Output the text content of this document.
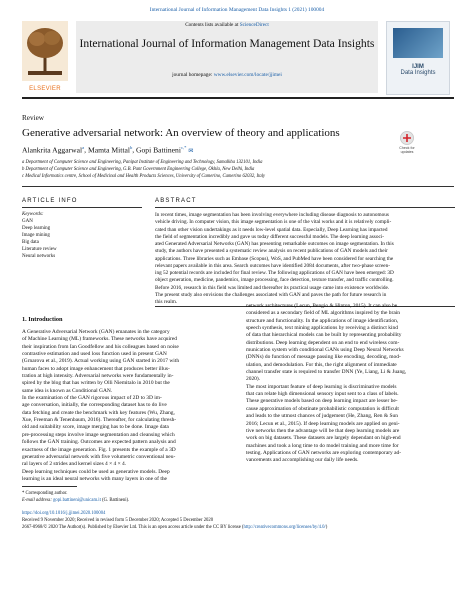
International Journal of Information Management Data Insights 1 (2021) 100004
ELSEVIER
Contents lists available at ScienceDirect
International Journal of Information Management Data Insights
journal homepage: www.elsevier.com/locate/jjimei
IJIM
Data Insights
Review
Generative adversarial network: An overview of theory and applications
Check for updates
Alankrita Aggarwal$^a$, Mamta Mittal$^b$, Gopi Battineni$^{c,*}$ ✉
a Department of Computer Science and Engineering, Panipat Institute of Engineering and Technology, Samalkha 132101, India
b Department of Computer Science and Engineering, G.B. Pant Government Engineering College, Okhla, New Delhi, India
c Medical Informatics centre, School of Medicinal and Health Products Sciences, University of Camerino, Camerino 62032, Italy
ARTICLE INFO	ABSTRACT
Keywords:
GAN
Deep learning
Image mining
Big data
Literature review
Neural networks
In recent times, image segmentation has been involving everywhere including disease diagnosis to autonomous
vehicle driving. In computer vision, this image segmentation is one of the vital works and it is relatively compli-
cated than other vision undertakings as it needs low-level spatial data. Especially, Deep Learning has impacted
the field of segmentation incredibly and gave us today different successful models. The deep learning associ-
ated Generated Adversarial Networks (GAN) has presenting remarkable outcomes on image segmentation. In this
study, the authors have presented a systematic review analysis on recent publications of GAN models and their
applications. Three libraries such as Embase (Scopus), WoS, and PubMed have been considered for searching the
relevant papers available in this area. Search outcomes have identified 2084 documents, after two-phase screen-
ing 52 potential records are included for final review. The following applications of GAN have been emerged: 3D
object generation, medicine, pandemics, image processing, face detection, texture transfer, and traffic controlling.
Before 2016, research in this field was limited and thereafter its practical usage came into existence worldwide.
The present study also envisions the challenges associated with GAN and paves the path for future research in
this realm.
1. Introduction
A Generative Adversarial Network (GAN) emanates in the category
of Machine Learning (ML) frameworks. These networks have acquired
their inspiration from Ian Goodfellow and his colleagues based on noise
contrastive estimation and used loss function used in present GAN
(Grnarova et al., 2019). Actual working using GAN started in 2017 with
human faces to adopt image enhancement that produces better illus-
tration at high intensity. Adversarial networks were fundamentally in-
spired by the blog that has written by Olli Niemitalo in 2010 but the
same idea is known as Conditional GAN.
In the examination of the GAN rigorous impact of 2D to 3D im-
age conversation, initially, the corresponding dataset has to do live
data fetching and create the benchmark with key features (Wu, Zhang,
Xue, Freeman & Tenenbaum, 2016). Thereafter, for calculating thresh-
old and suitability score, image merging has to be done. Image data
pre-processing steps involve image segmentation and cleansing which
follows the GAN training. Outcomes are expected pattern analysis and
exactness of the image generation. Fig. 1 presents the example of a 3D
generative adversarial network with five volumetric conventional neu-
ral layers of 2 strides and kernel sizes 4 × 4 × 4.
Deep learning techniques could be used as generative models. Deep
learning is an ideal neural networks with many layers in one of the
network architectures (Lecun, Bengio & Hinton, 2015). It can also be
considered as a secondary field of ML algorithms inspired by the brain
structure and functionality. In the applications of image identification,
speech synthesis, text mining applications by receiving a distinct kind
of data that hierarchical models can be built by representing probability
distributions. Deep learning dependent on an end to end wireless com-
munication system with conditional GANs using Deep Neural Networks
(DNNs) do function of message passing like encoding, decoding, mod-
ulation, and demodulation. For this, the right alignment of immediate
channel transfer state is required to transfer DNN (Ye, Liang, Li & Juang,
2020).
The most important feature of deep learning is discriminative models
that can relate high dimensional sensory input sent to a class of labels.
These generative models based on deep learning impact are lesser be-
cause approximation of obstinate probabilistic computation is difficult
and leads to the utmost chances of judgement (He, Zhang, Ren & Sun
2016; Lecun et al., 2015). If deep learning models are applied on geni-
tive networks then the advantage will be that deep learning models are
work on big datasets. These datasets are largely dependant on high-end
machines and took a long time to do model training and more time for
testing. Applications of GAN networks are exploring contemporary ad-
vancements and accomplishing our daily life needs.
* Corresponding author.
E-mail address: gopi.battineni@unicam.it (G. Battineni).
https://doi.org/10.1016/j.jjimei.2020.100004
Received 9 November 2020; Received in revised form 5 December 2020; Accepted 5 December 2020
2667-0968/© 2020 The Author(s). Published by Elsevier Ltd. This is an open access article under the CC BY license (http://creativecommons.org/licenses/by/4.0/)
